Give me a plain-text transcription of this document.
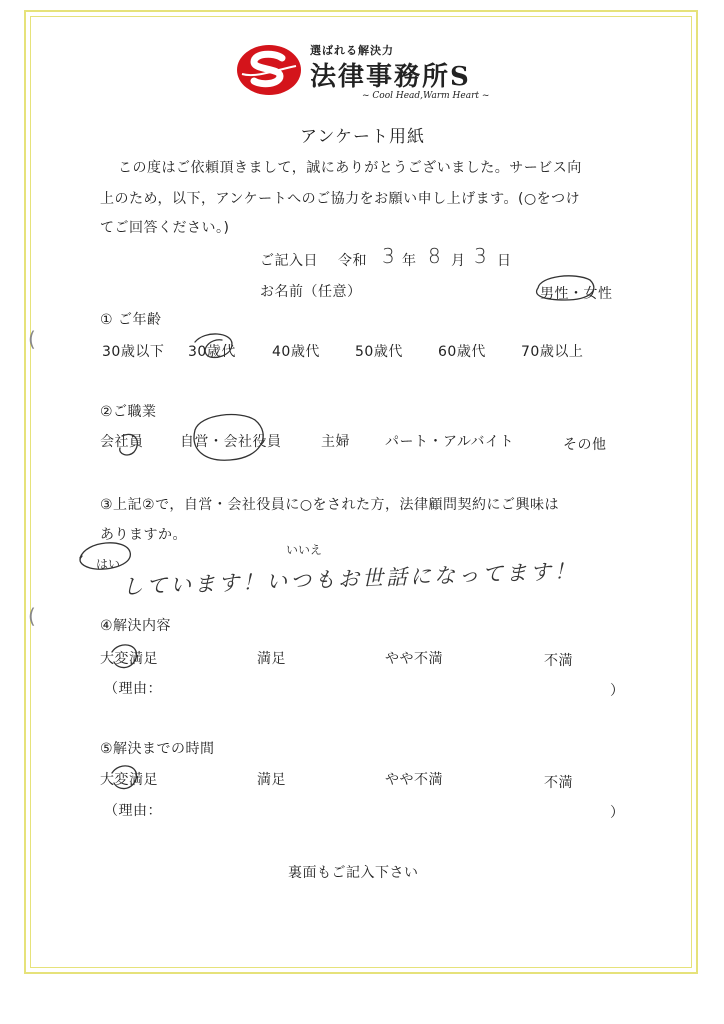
選ばれる解決力
法律事務所S
~ Cool Head,Warm Heart ~
アンケート用紙
この度はご依頼頂きまして，誠にありがとうございました。サービス向
上のため，以下，アンケートへのご協力をお願い申し上げます。(○をつけ
てご回答ください。)
ご記入日 令和 3 年 8 月 3 日
お名前（任意）	男性・女性
① ご年齢
30歳以下 30歳代	40歳代	50歳代	60歳代	70歳以上
②ご職業
会社員	自営・会社役員	主婦	パート・アルバイト	その他
③上記②で，自営・会社役員に○をされた方，法律顧問契約にご興味は
ありますか。
はい
いいえ
しています！いつもお世話になってます！
④解決内容
大変満足	満足	やや不満	不満
（理由：	）
⑤解決までの時間
大変満足	満足	やや不満	不満
（理由：	）
裏面もご記入下さい
(
(
